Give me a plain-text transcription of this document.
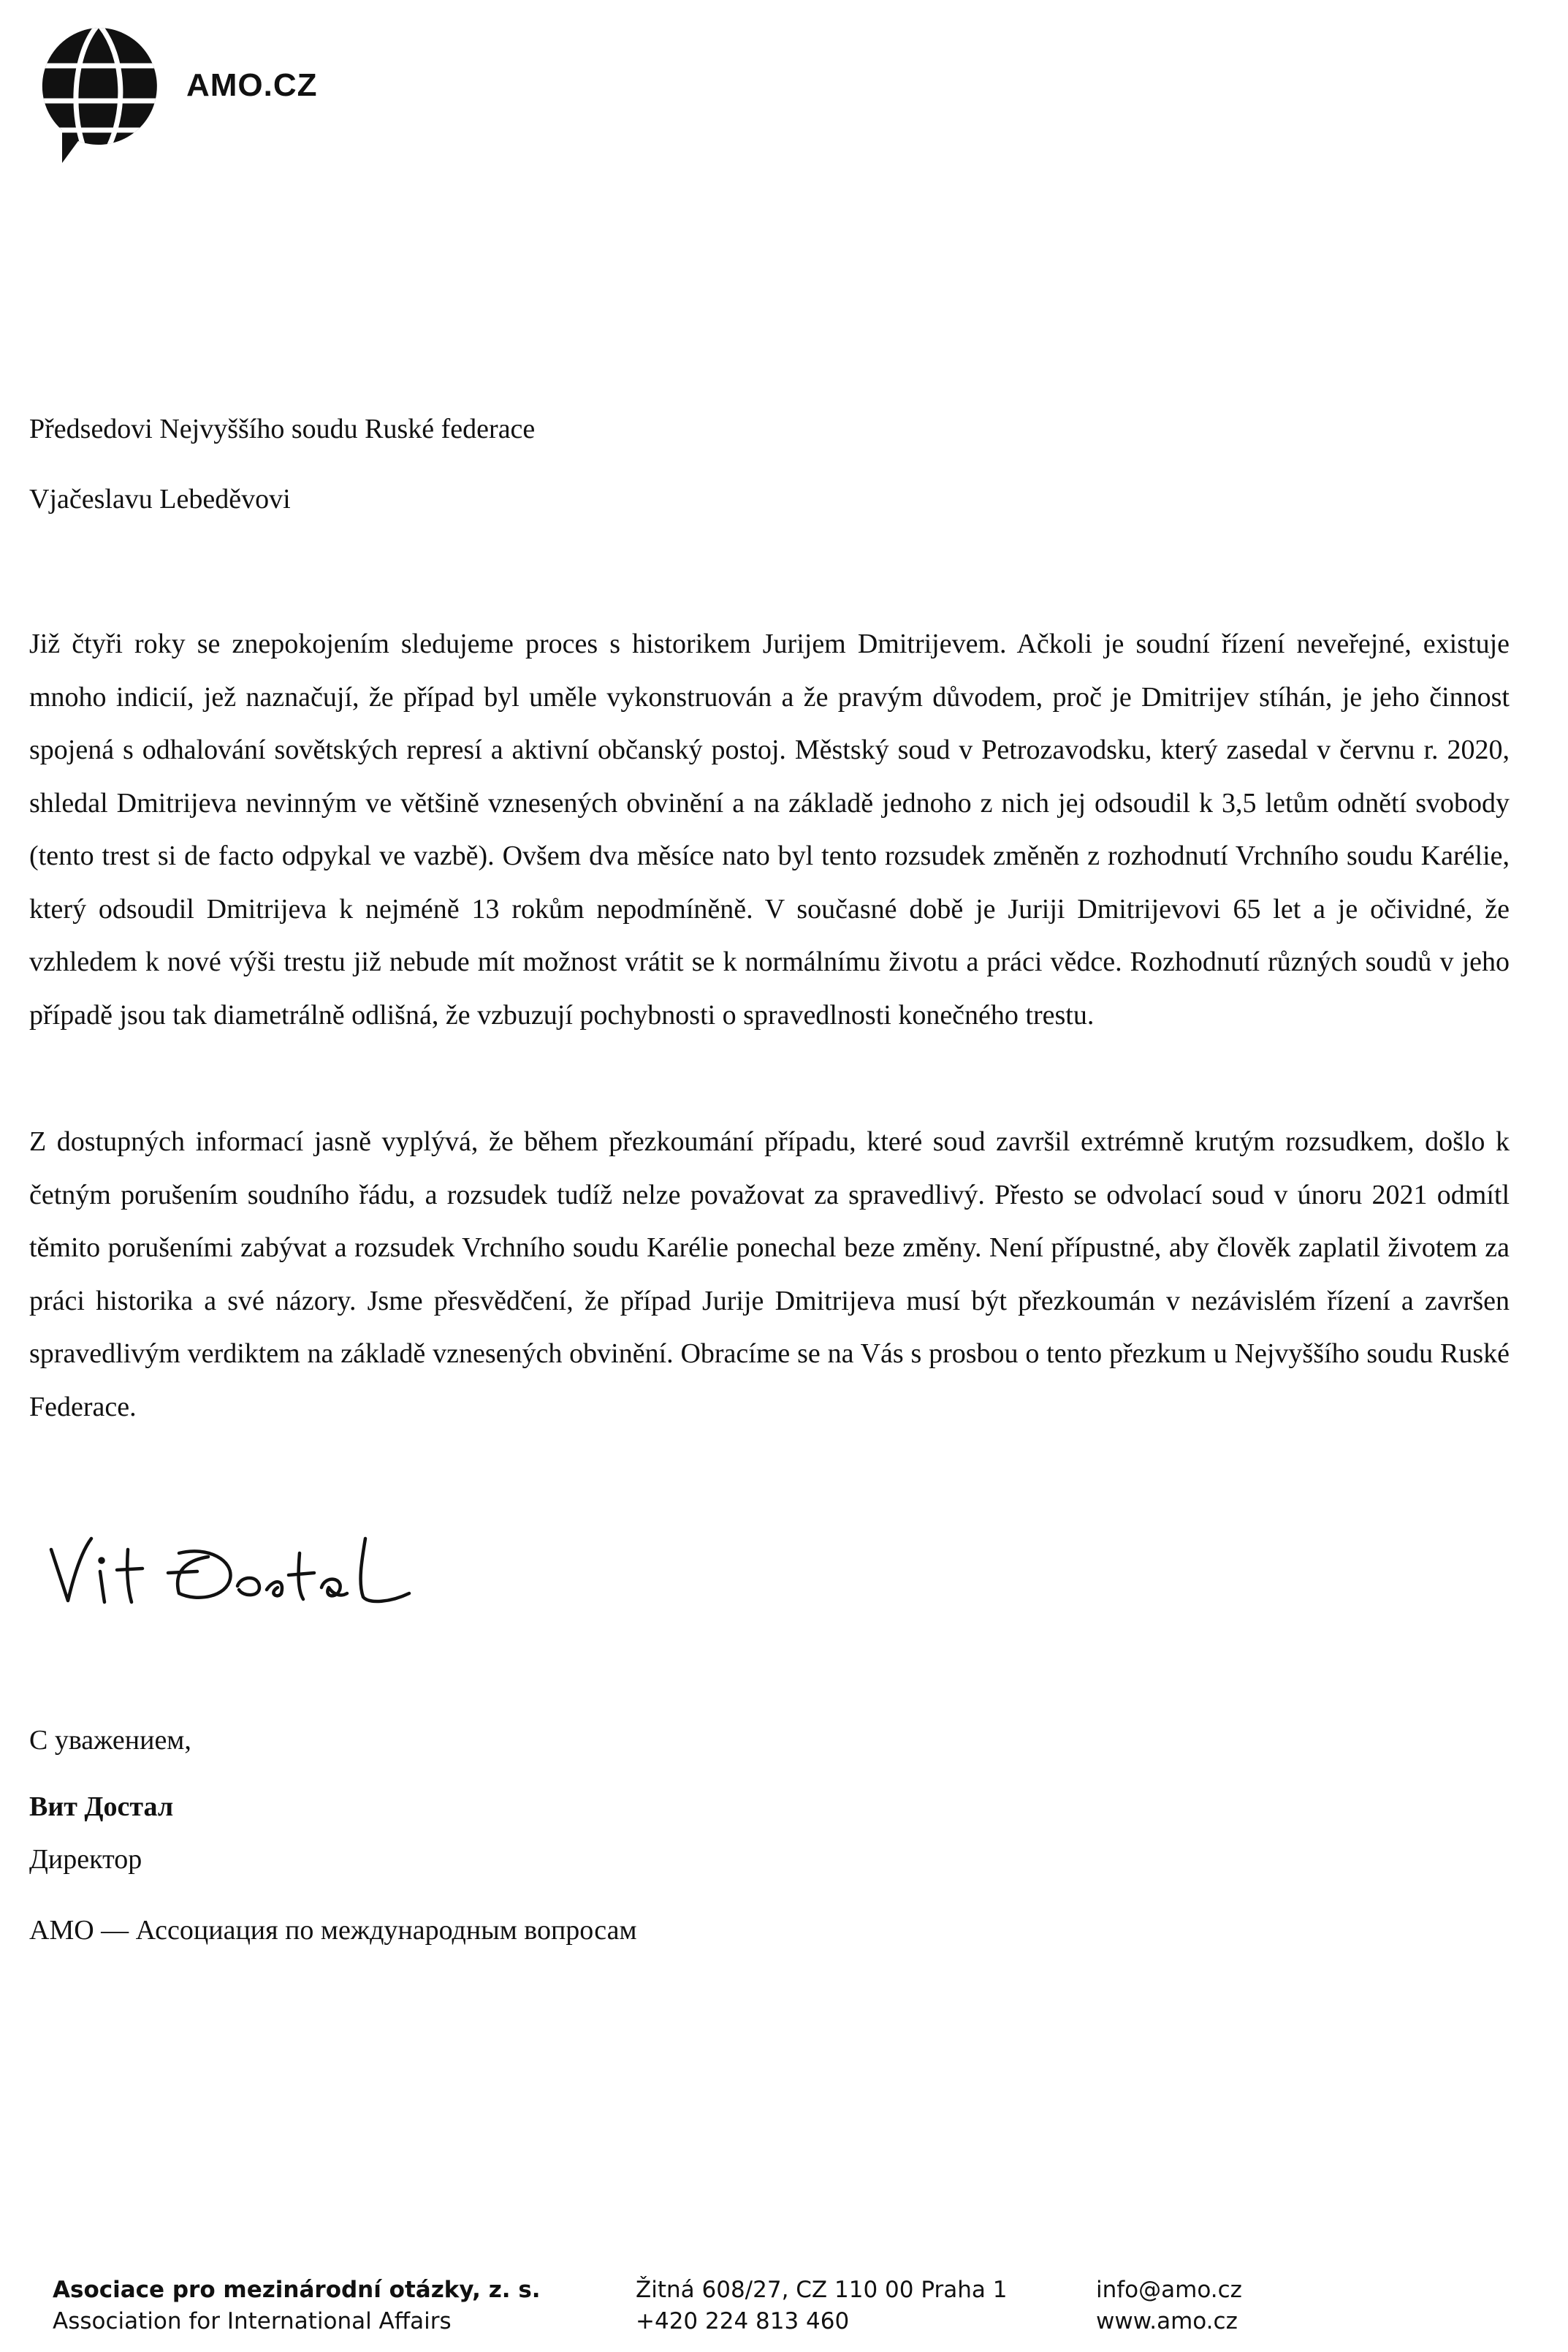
AMO.CZ
Předsedovi Nejvyššího soudu Ruské federace
Vjačeslavu Lebeděvovi

Již čtyři roky se znepokojením sledujeme proces s historikem Jurijem Dmitrijevem. Ačkoli je soudní řízení neveřejné, existuje mnoho indicií, jež naznačují, že případ byl uměle vykonstruován a že pravým důvodem, proč je Dmitrijev stíhán, je jeho činnost spojená s odhalování sovětských represí a aktivní občanský postoj. Městský soud v Petrozavodsku, který zasedal v červnu r. 2020, shledal Dmitrijeva nevinným ve většině vznesených obvinění a na základě jednoho z nich jej odsoudil k 3,5 letům odnětí svobody (tento trest si de facto odpykal ve vazbě). Ovšem dva měsíce nato byl tento rozsudek změněn z rozhodnutí Vrchního soudu Karélie, který odsoudil Dmitrijeva k nejméně 13 rokům nepodmíněně. V současné době je Juriji Dmitrijevovi 65 let a je očividné, že vzhledem k nové výši trestu již nebude mít možnost vrátit se k normálnímu životu a práci vědce. Rozhodnutí různých soudů v jeho případě jsou tak diametrálně odlišná, že vzbuzují pochybnosti o spravedlnosti konečného trestu.

Z dostupných informací jasně vyplývá, že během přezkoumání případu, které soud završil extrémně krutým rozsudkem, došlo k četným porušením soudního řádu, a rozsudek tudíž nelze považovat za spravedlivý. Přesto se odvolací soud v únoru 2021 odmítl těmito porušeními zabývat a rozsudek Vrchního soudu Karélie ponechal beze změny. Není přípustné, aby člověk zaplatil životem za práci historika a své názory. Jsme přesvědčení, že případ Jurije Dmitrijeva musí být přezkoumán v nezávislém řízení a završen spravedlivým verdiktem na základě vznesených obvinění. Obracíme se na Vás s prosbou o tento přezkum u Nejvyššího soudu Ruské Federace.

С уважением,
Вит Достал
Директор
AMO — Ассоциация по международным вопросам
Asociace pro mezinárodní otázky, z. s.
Association for International Affairs
Žitná 608/27, CZ 110 00 Praha 1
+420 224 813 460
info@amo.cz
www.amo.cz
